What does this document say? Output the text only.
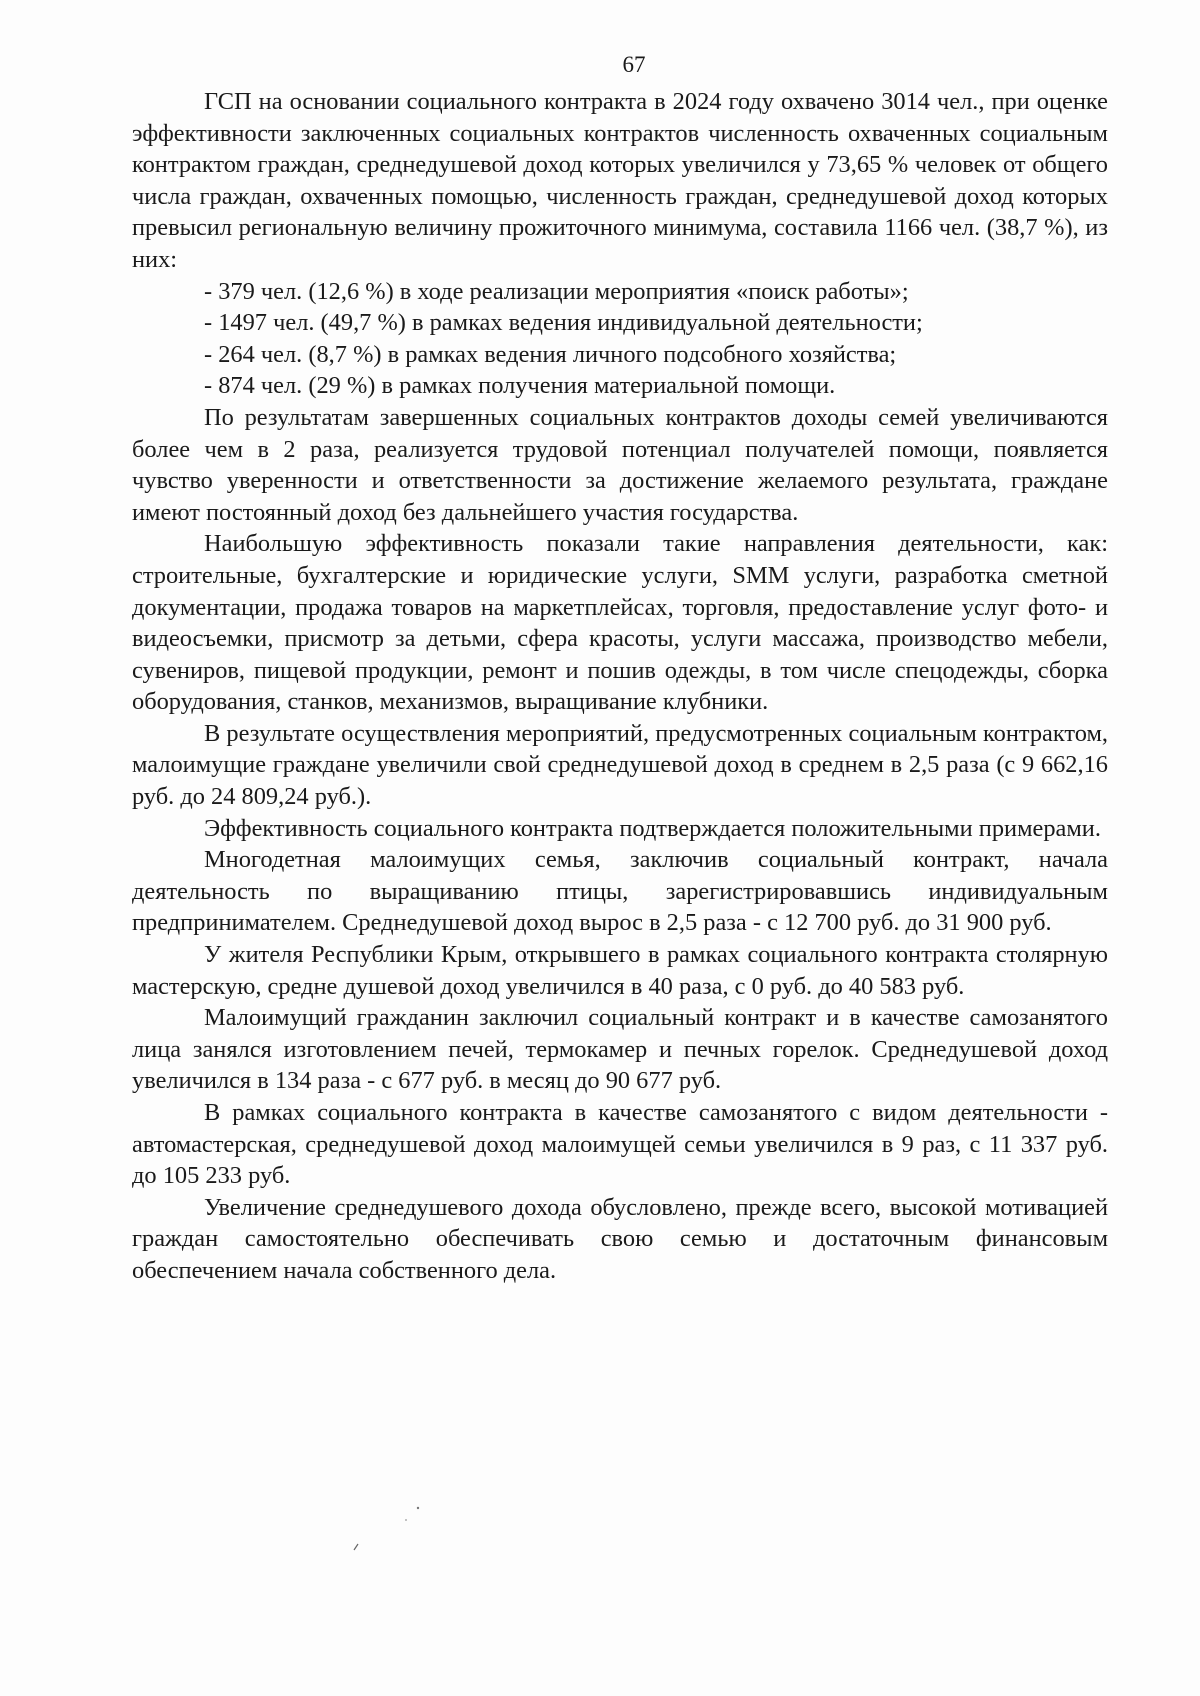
67

ГСП на основании социального контракта в 2024 году охвачено 3014 чел., при оценке эффективности заключенных социальных контрактов численность охваченных социальным контрактом граждан, среднедушевой доход которых увеличился у 73,65 % человек от общего числа граждан, охваченных помощью, численность граждан, среднедушевой доход которых превысил региональную величину прожиточного минимума, составила 1166 чел. (38,7 %), из них:

- 379 чел. (12,6 %) в ходе реализации мероприятия «поиск работы»;

- 1497 чел. (49,7 %) в рамках ведения индивидуальной деятельности;

- 264 чел. (8,7 %) в рамках ведения личного подсобного хозяйства;

- 874 чел. (29 %) в рамках получения материальной помощи.

По результатам завершенных социальных контрактов доходы семей увеличиваются более чем в 2 раза, реализуется трудовой потенциал получателей помощи, появляется чувство уверенности и ответственности за достижение желаемого результата, граждане имеют постоянный доход без дальнейшего участия государства.

Наибольшую эффективность показали такие направления деятельности, как: строительные, бухгалтерские и юридические услуги, SMM услуги, разработка сметной документации, продажа товаров на маркетплейсах, торговля, предоставление услуг фото- и видеосъемки, присмотр за детьми, сфера красоты, услуги массажа, производство мебели, сувениров, пищевой продукции, ремонт и пошив одежды, в том числе спецодежды, сборка оборудования, станков, механизмов, выращивание клубники.

В результате осуществления мероприятий, предусмотренных социальным контрактом, малоимущие граждане увеличили свой среднедушевой доход в среднем в 2,5 раза (с 9 662,16 руб. до 24 809,24 руб.).

Эффективность социального контракта подтверждается положительными примерами.

Многодетная малоимущих семья, заключив социальный контракт, начала деятельность по выращиванию птицы, зарегистрировавшись индивидуальным предпринимателем. Среднедушевой доход вырос в 2,5 раза - с 12 700 руб. до 31 900 руб.

У жителя Республики Крым, открывшего в рамках социального контракта столярную мастерскую, средне душевой доход увеличился в 40 раза, с 0 руб. до 40 583 руб.

Малоимущий гражданин заключил социальный контракт и в качестве самозанятого лица занялся изготовлением печей, термокамер и печных горелок. Среднедушевой доход увеличился в 134 раза - с 677 руб. в месяц до 90 677 руб.

В рамках социального контракта в качестве самозанятого с видом деятельности - автомастерская, среднедушевой доход малоимущей семьи увеличился в 9 раз, с 11 337 руб. до 105 233 руб.

Увеличение среднедушевого дохода обусловлено, прежде всего, высокой мотивацией граждан самостоятельно обеспечивать свою семью и достаточным финансовым обеспечением начала собственного дела.
